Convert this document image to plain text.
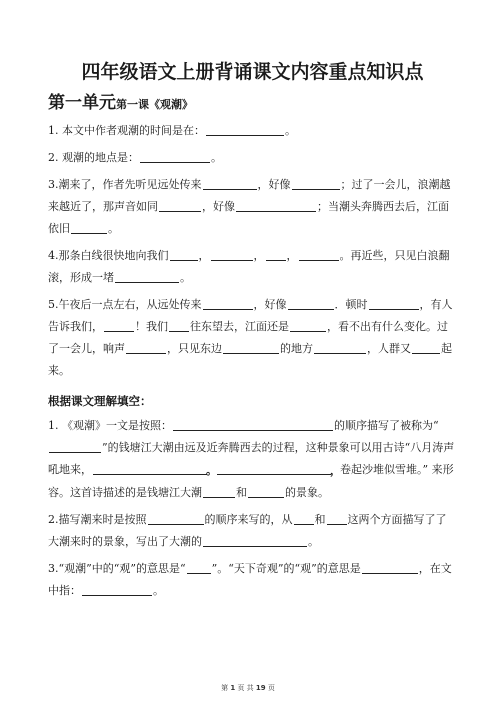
四年级语文上册背诵课文内容重点知识点
第一单元 第一课《观潮》

1. 本文中作者观潮的时间是在：	。

2. 观潮的地点是：	。

3.潮来了，作者先听见远处传来	，好像	；过了一会儿，浪潮越来越近了，那声音如同	，好像	；当潮头奔腾西去后，江面依旧	。

4.那条白线很快地向我们	，	， ，	。再近些，只见白浪翻滚，形成一堵	。

5.午夜后一点左右，从远处传来	，好像	．顿时	，有人告诉我们，	！我们 往东望去，江面还是	，看不出有什么变化。过了一会儿，响声	，只见东边	的地方	，人群又	起来。

根据课文理解填空：

1. 《观潮》一文是按照：	的顺序描写了被称为“”的钱塘江大潮由远及近奔腾西去的过程，这种景象可以用古诗“八月涛声吼地来，	。	，卷起沙堆似雪堆。” 来形容。这首诗描述的是钱塘江大潮	和	的景象。

2.描写潮来时是按照	的顺序来写的，从 和 这两个方面描写了了大潮来时的景象，写出了大潮的	。

3.“观潮”中的“观”的意思是“ ”。“天下奇观”的“观”的意思是	，在文中指：	。

第 1 页 共 19 页
